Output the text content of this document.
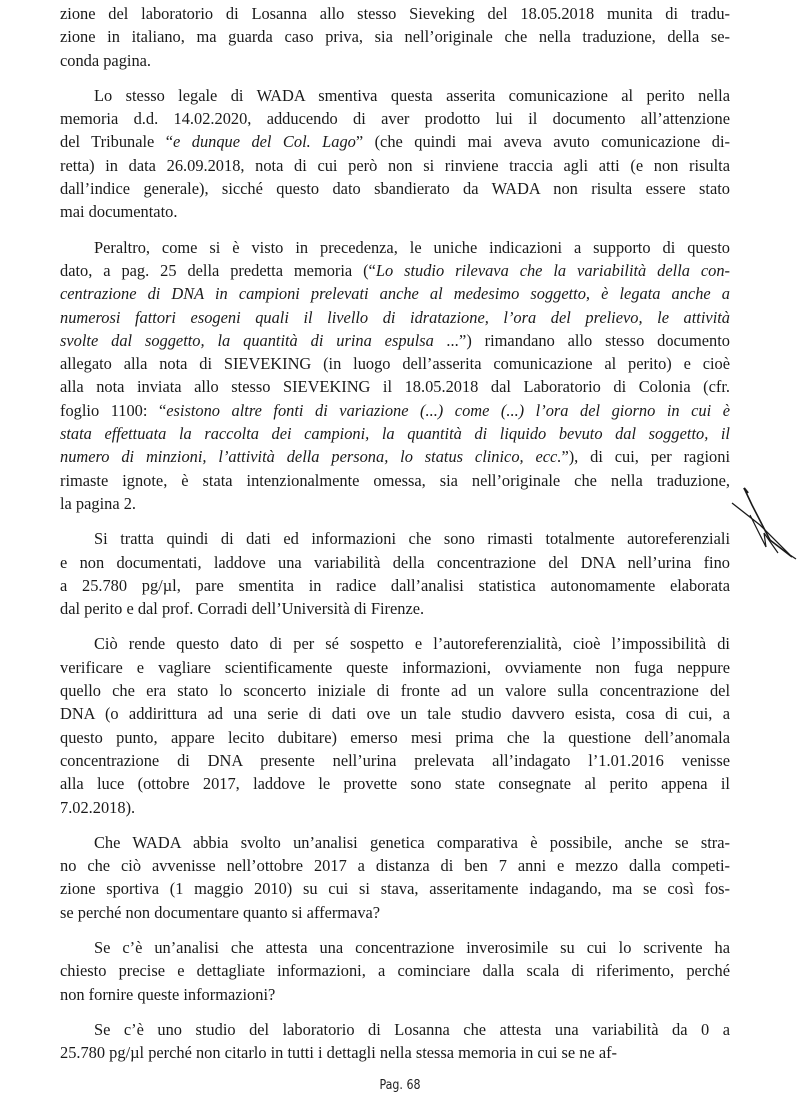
zione del laboratorio di Losanna allo stesso Sieveking del 18.05.2018 munita di tradu-
zione in italiano, ma guarda caso priva, sia nell’originale che nella traduzione, della se-
conda pagina.
Lo stesso legale di WADA smentiva questa asserita comunicazione al perito nella
memoria d.d. 14.02.2020, adducendo di aver prodotto lui il documento all’attenzione
del Tribunale “e dunque del Col. Lago” (che quindi mai aveva avuto comunicazione di-
retta) in data 26.09.2018, nota di cui però non si rinviene traccia agli atti (e non risulta
dall’indice generale), sicché questo dato sbandierato da WADA non risulta essere stato
mai documentato.
Peraltro, come si è visto in precedenza, le uniche indicazioni a supporto di questo
dato, a pag. 25 della predetta memoria (“Lo studio rilevava che la variabilità della con-
centrazione di DNA in campioni prelevati anche al medesimo soggetto, è legata anche a
numerosi fattori esogeni quali il livello di idratazione, l’ora del prelievo, le attività
svolte dal soggetto, la quantità di urina espulsa ...”) rimandano allo stesso documento
allegato alla nota di SIEVEKING (in luogo dell’asserita comunicazione al perito) e cioè
alla nota inviata allo stesso SIEVEKING il 18.05.2018 dal Laboratorio di Colonia (cfr.
foglio 1100: “esistono altre fonti di variazione (...) come (...) l’ora del giorno in cui è
stata effettuata la raccolta dei campioni, la quantità di liquido bevuto dal soggetto, il
numero di minzioni, l’attività della persona, lo status clinico, ecc.”), di cui, per ragioni
rimaste ignote, è stata intenzionalmente omessa, sia nell’originale che nella traduzione,
la pagina 2.
Si tratta quindi di dati ed informazioni che sono rimasti totalmente autoreferenziali
e non documentati, laddove una variabilità della concentrazione del DNA nell’urina fino
a 25.780 pg/µl, pare smentita in radice dall’analisi statistica autonomamente elaborata
dal perito e dal prof. Corradi dell’Università di Firenze.
Ciò rende questo dato di per sé sospetto e l’autoreferenzialità, cioè l’impossibilità di
verificare e vagliare scientificamente queste informazioni, ovviamente non fuga neppure
quello che era stato lo sconcerto iniziale di fronte ad un valore sulla concentrazione del
DNA (o addirittura ad una serie di dati ove un tale studio davvero esista, cosa di cui, a
questo punto, appare lecito dubitare) emerso mesi prima che la questione dell’anomala
concentrazione di DNA presente nell’urina prelevata all’indagato l’1.01.2016 venisse
alla luce (ottobre 2017, laddove le provette sono state consegnate al perito appena il
7.02.2018).
Che WADA abbia svolto un’analisi genetica comparativa è possibile, anche se stra-
no che ciò avvenisse nell’ottobre 2017 a distanza di ben 7 anni e mezzo dalla competi-
zione sportiva (1 maggio 2010) su cui si stava, asseritamente indagando, ma se così fos-
se perché non documentare quanto si affermava?
Se c’è un’analisi che attesta una concentrazione inverosimile su cui lo scrivente ha
chiesto precise e dettagliate informazioni, a cominciare dalla scala di riferimento, perché
non fornire queste informazioni?
Se c’è uno studio del laboratorio di Losanna che attesta una variabilità da 0 a
25.780 pg/µl perché non citarlo in tutti i dettagli nella stessa memoria in cui se ne af-
Pag. 68
